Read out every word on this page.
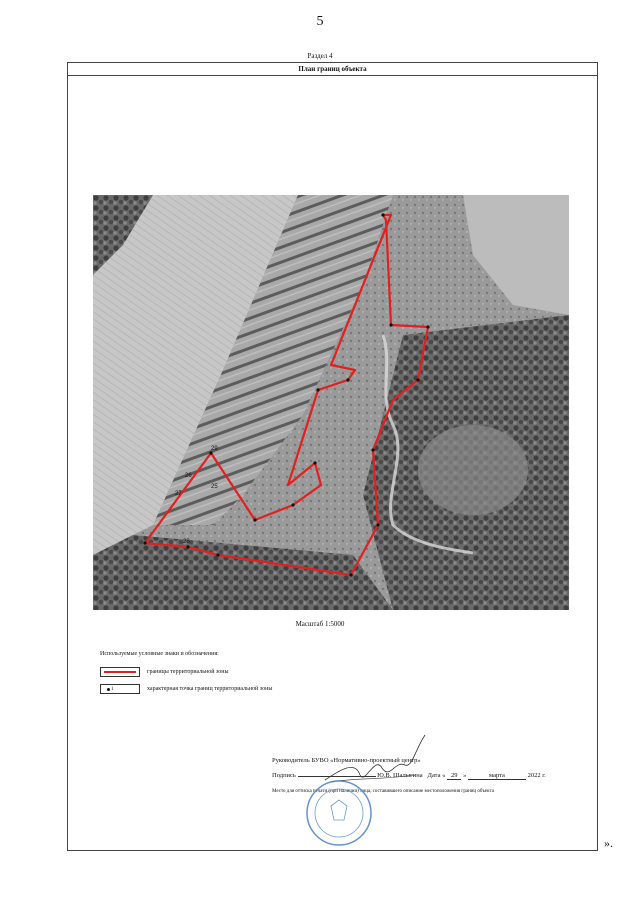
5
Раздел 4
План границ объекта
29
26
27
28
25
Масштаб 1:5000
Используемые условные знаки и обозначения:
границы территориальной зоны
1	характерная точка границ территориальной зоны
Руководитель БУВО «Нормативно-проектный центр»
Подпись	Ю.В. Шалыгина Дата « 29 »	марта	2022 г.
Место для оттиска печати (при наличии) лица, составившего описание местоположения границ объекта
».
